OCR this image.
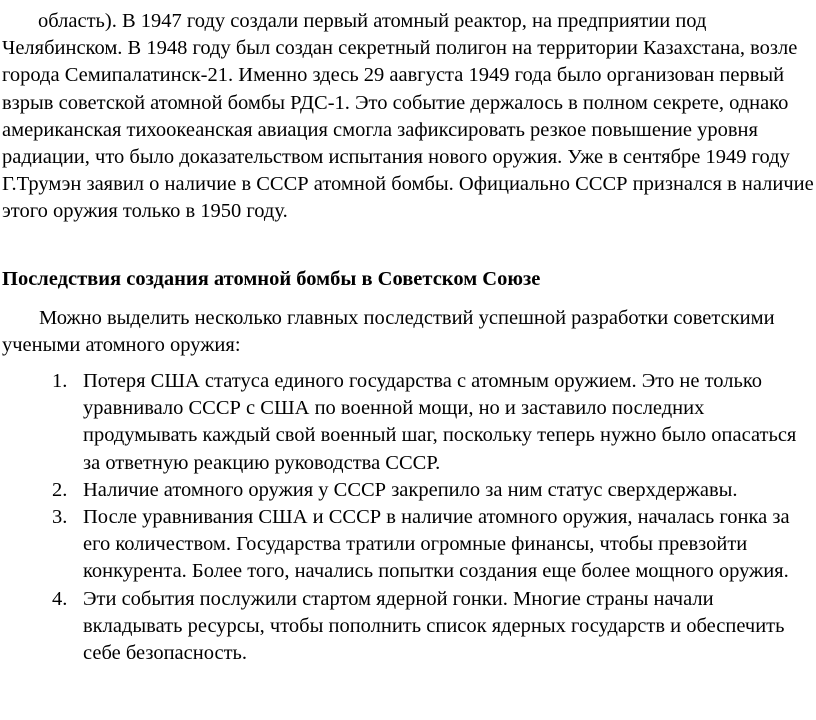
область). В 1947 году создали первый атомный реактор, на предприятии под Челябинском. В 1948 году был создан секретный полигон на территории Казахстана, возле города Семипалатинск-21. Именно здесь 29 аавгуста 1949 года было организован первый взрыв советской атомной бомбы РДС-1. Это событие держалось в полном секрете, однако американская тихоокеанская авиация смогла зафиксировать резкое повышение уровня радиации, что было доказательством испытания нового оружия. Уже в сентябре 1949 году Г.Трумэн заявил о наличие в СССР атомной бомбы. Официально СССР признался в наличие этого оружия только в 1950 году.

Последствия создания атомной бомбы в Советском Союзе

Можно выделить несколько главных последствий успешной разработки советскими учеными атомного оружия:

1. Потеря США статуса единого государства с атомным оружием. Это не только уравнивало СССР с США по военной мощи, но и заставило последних продумывать каждый свой военный шаг, поскольку теперь нужно было опасаться за ответную реакцию руководства СССР.
2. Наличие атомного оружия у СССР закрепило за ним статус сверхдержавы.
3. После уравнивания США и СССР в наличие атомного оружия, началась гонка за его количеством. Государства тратили огромные финансы, чтобы превзойти конкурента. Более того, начались попытки создания еще более мощного оружия.
4. Эти события послужили стартом ядерной гонки. Многие страны начали вкладывать ресурсы, чтобы пополнить список ядерных государств и обеспечить себе безопасность.
